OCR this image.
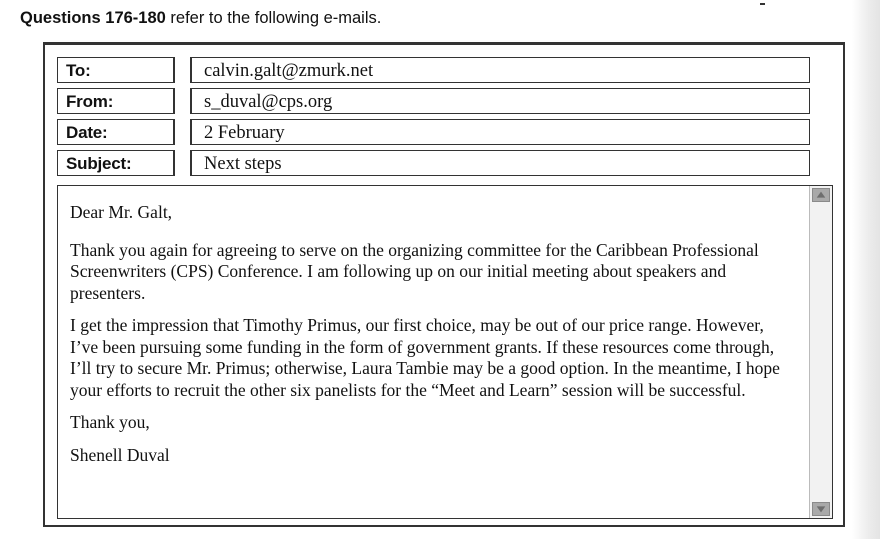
Questions 176-180 refer to the following e-mails.
To:	calvin.galt@zmurk.net
From:	s_duval@cps.org
Date:	2 February
Subject:	Next steps

Dear Mr. Galt,

Thank you again for agreeing to serve on the organizing committee for the Caribbean Professional Screenwriters (CPS) Conference. I am following up on our initial meeting about speakers and presenters.

I get the impression that Timothy Primus, our first choice, may be out of our price range. However, I’ve been pursuing some funding in the form of government grants. If these resources come through, I’ll try to secure Mr. Primus; otherwise, Laura Tambie may be a good option. In the meantime, I hope your efforts to recruit the other six panelists for the “Meet and Learn” session will be successful.

Thank you,

Shenell Duval
